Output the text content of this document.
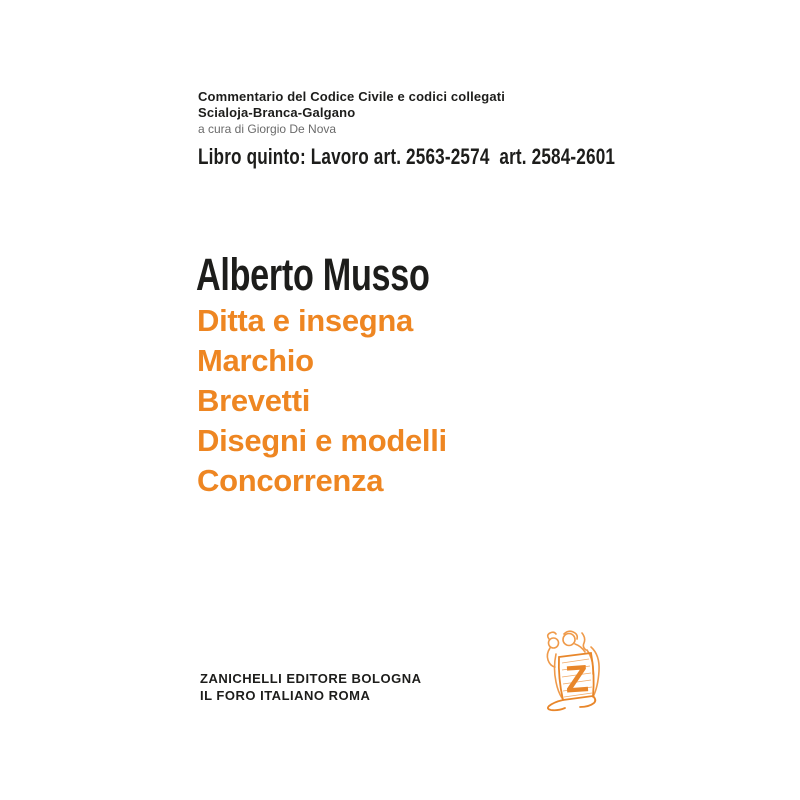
Commentario del Codice Civile e codici collegati
Scialoja-Branca-Galgano
a cura di Giorgio De Nova
Libro quinto: Lavoro art. 2563-2574  art. 2584-2601
Alberto Musso
Ditta e insegna
Marchio
Brevetti
Disegni e modelli
Concorrenza
ZANICHELLI EDITORE BOLOGNA
IL FORO ITALIANO ROMA	Z
